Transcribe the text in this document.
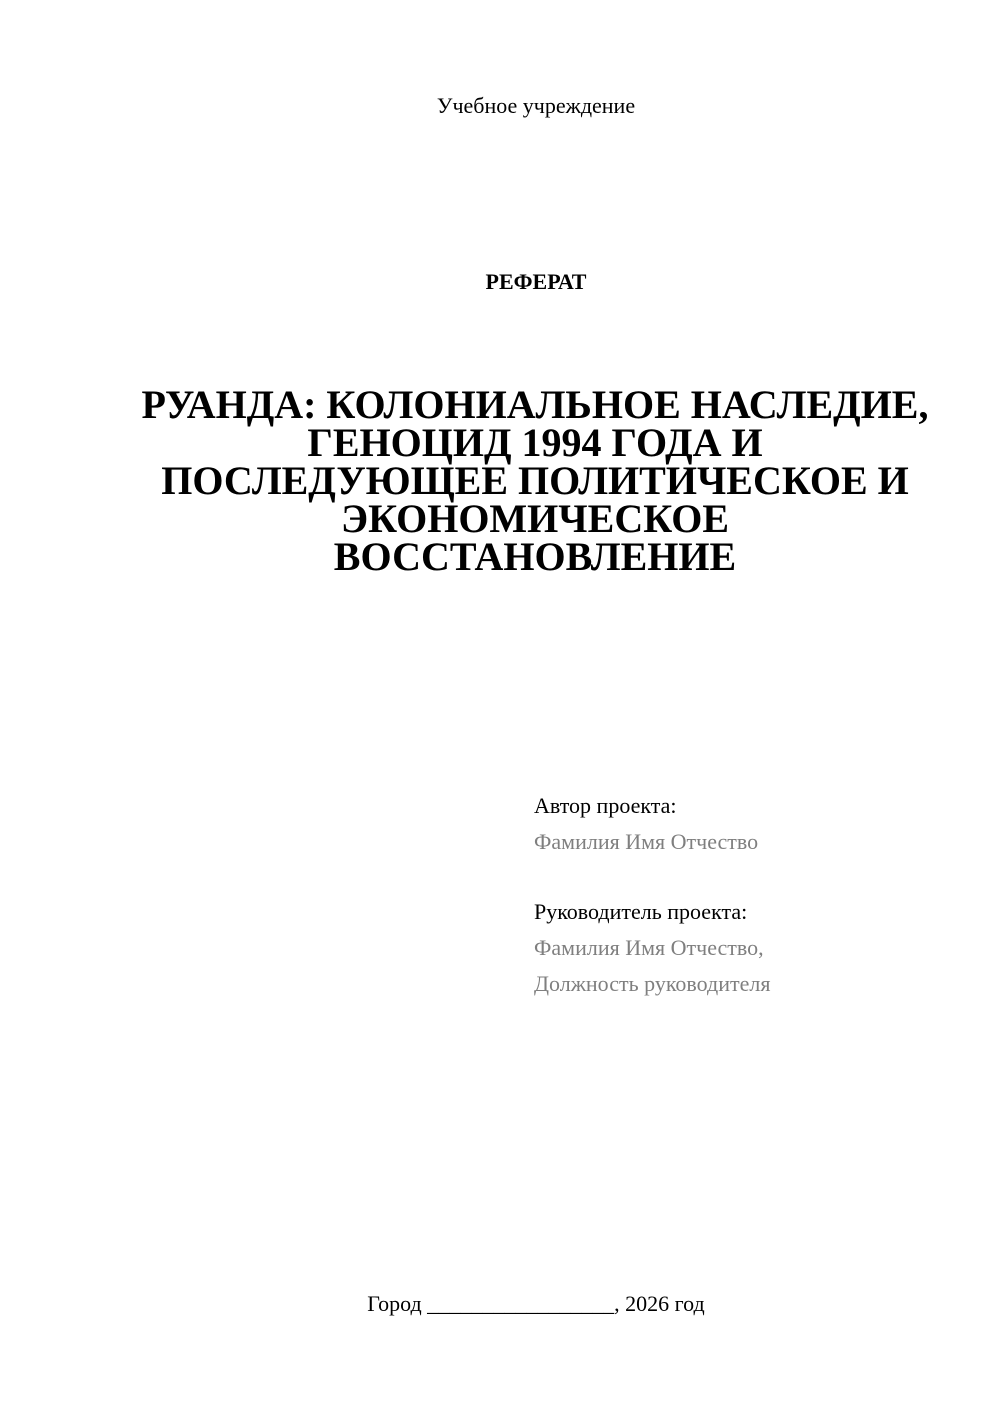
Учебное учреждение
РЕФЕРАТ
РУАНДА: КОЛОНИАЛЬНОЕ НАСЛЕДИЕ,
ГЕНОЦИД 1994 ГОДА И
ПОСЛЕДУЮЩЕЕ ПОЛИТИЧЕСКОЕ И
ЭКОНОМИЧЕСКОЕ
ВОССТАНОВЛЕНИЕ
Автор проекта:
Фамилия Имя Отчество
Руководитель проекта:
Фамилия Имя Отчество,
Должность руководителя
Город _________________, 2026 год
